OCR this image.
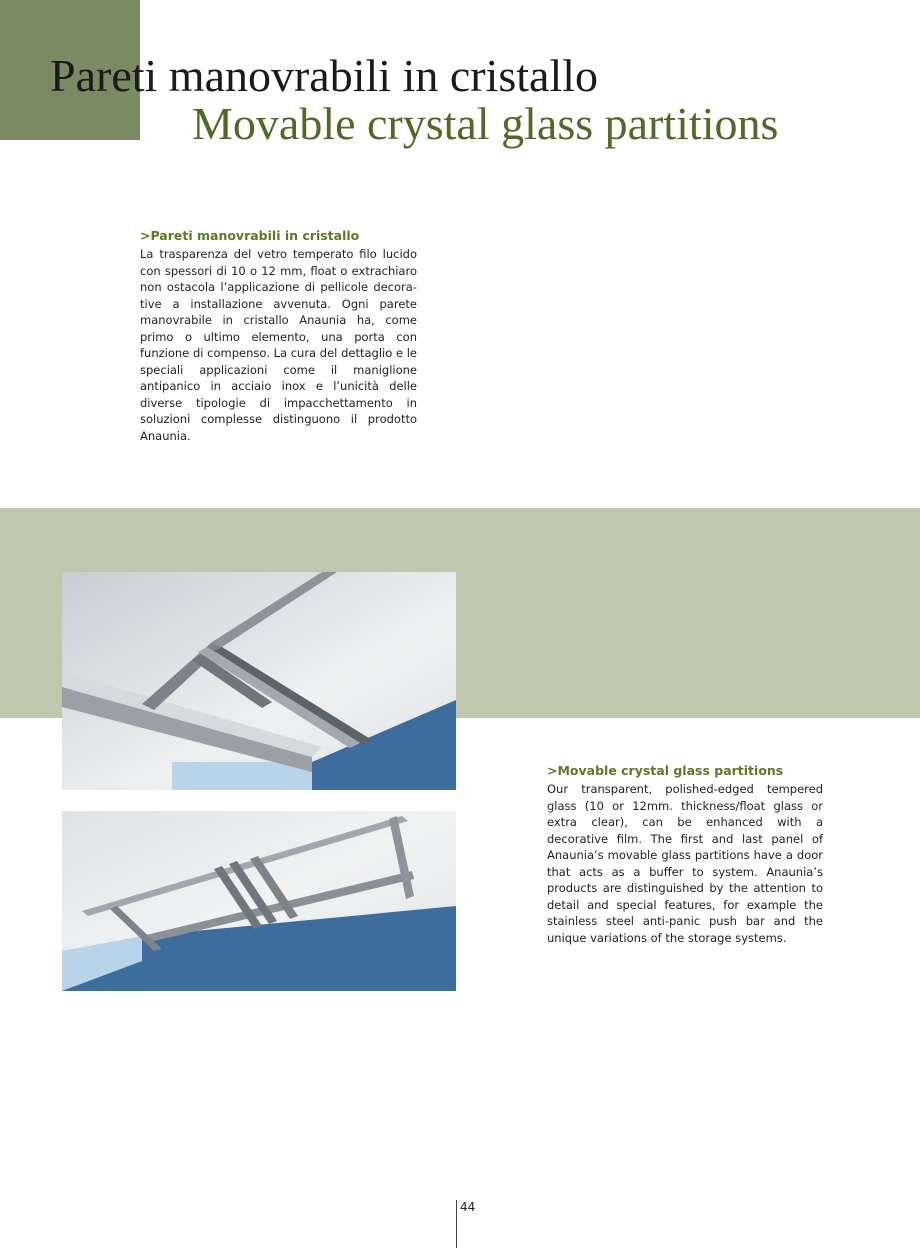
Pareti manovrabili in cristallo
Movable crystal glass partitions

>Pareti manovrabili in cristallo

La trasparenza del vetro temperato filo lucido con spessori di 10 o 12 mm, float o extrachiaro non ostacola l’applicazione di pellicole decorative a installazione avvenuta. Ogni parete manovrabile in cristallo Anaunia ha, come primo o ultimo elemento, una porta con funzione di compenso. La cura del dettaglio e le speciali applicazioni come il maniglione antipanico in acciaio inox e l’unicità delle diverse tipologie di impacchettamento in soluzioni complesse distinguono il prodotto Anaunia.

>Movable crystal glass partitions

Our transparent, polished-edged tempered glass (10 or 12mm. thickness/float glass or extra clear), can be enhanced with a decorative film. The first and last panel of Anaunia’s movable glass partitions have a door that acts as a buffer to system. Anaunia’s products are distinguished by the attention to detail and special features, for example the stainless steel anti-panic push bar and the unique variations of the storage systems.

44
